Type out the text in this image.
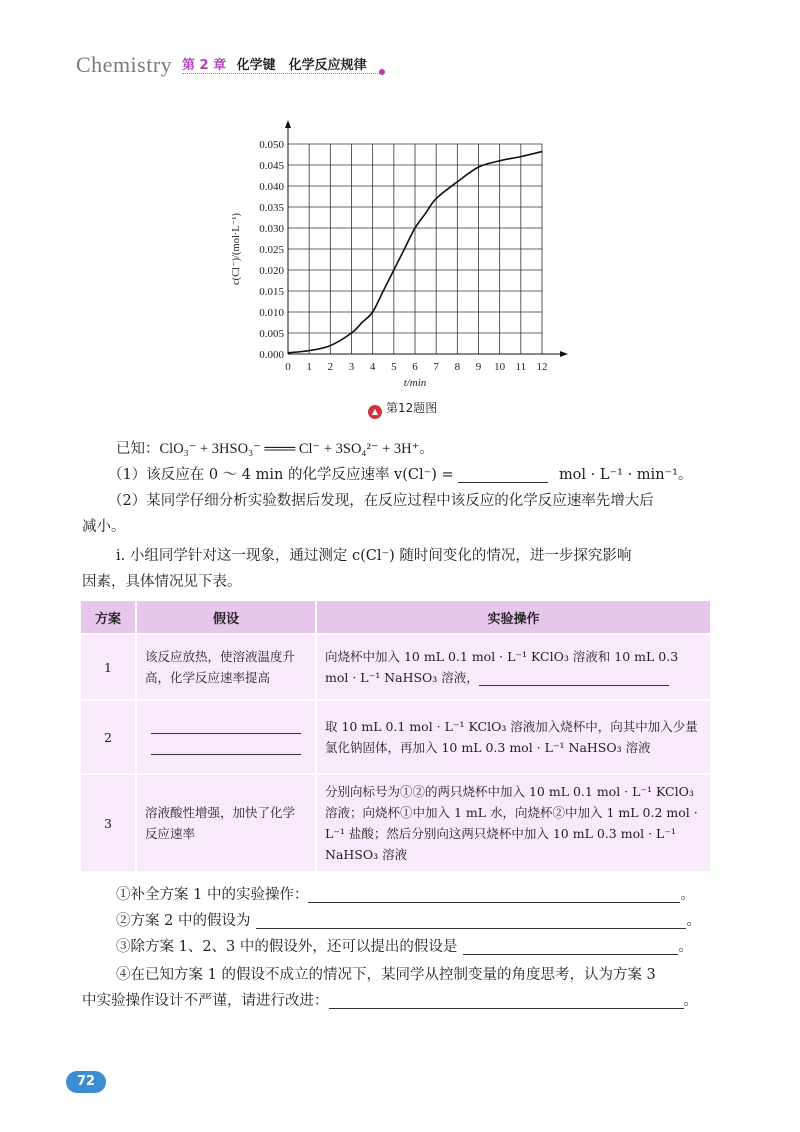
Chemistry 第 2 章 化学键　化学反应规律
0 1 2 3 4 5 6 7 8 9 10 11 12
0.000
0.005
0.010
0.015
0.020
0.025
0.030
0.035
0.040
0.045
0.050
t/min
c(Cl⁻)/(mol·L⁻¹)
▲ 第12题图
已知：ClO₃⁻ + 3HSO₃⁻ ═══ Cl⁻ + 3SO₄²⁻ + 3H⁺。
（1）该反应在 0 ～ 4 min 的化学反应速率 v(Cl⁻) =	mol · L⁻¹ · min⁻¹。
（2）某同学仔细分析实验数据后发现，在反应过程中该反应的化学反应速率先增大后
减小。
ⅰ. 小组同学针对这一现象，通过测定 c(Cl⁻) 随时间变化的情况，进一步探究影响
因素，具体情况见下表。
方案	假设	实验操作
1	该反应放热，使溶液温度升高，化学反应速率提高	向烧杯中加入 10 mL 0.1 mol · L⁻¹ KClO₃ 溶液和 10 mL 0.3 mol · L⁻¹ NaHSO₃ 溶液，
2		取 10 mL 0.1 mol · L⁻¹ KClO₃ 溶液加入烧杯中，向其中加入少量氯化钠固体，再加入 10 mL 0.3 mol · L⁻¹ NaHSO₃ 溶液
3	溶液酸性增强，加快了化学反应速率	分别向标号为①②的两只烧杯中加入 10 mL 0.1 mol · L⁻¹ KClO₃ 溶液；向烧杯①中加入 1 mL 水，向烧杯②中加入 1 mL 0.2 mol · L⁻¹ 盐酸；然后分别向这两只烧杯中加入 10 mL 0.3 mol · L⁻¹ NaHSO₃ 溶液
①补全方案 1 中的实验操作：	。
②方案 2 中的假设为	。
③除方案 1、2、3 中的假设外，还可以提出的假设是	。
④在已知方案 1 的假设不成立的情况下，某同学从控制变量的角度思考，认为方案 3
中实验操作设计不严谨，请进行改进：	。
72
